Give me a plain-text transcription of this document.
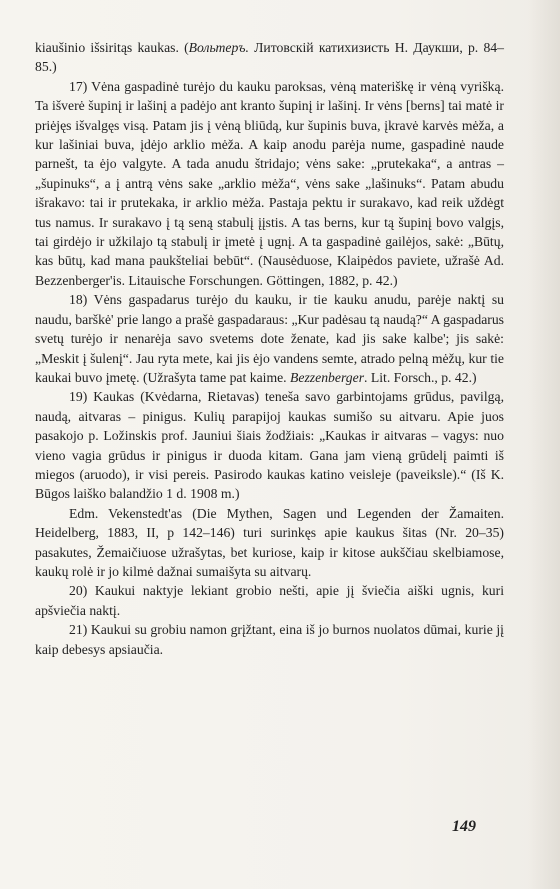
kiaušinio išsiritąs kaukas. (Вольтеръ. Литовскiй катихизисть Н. Даукши, p. 84–85.)

17) Vėna gaspadinė turėjo du kauku paroksas, vėną materiškę ir vėną vyrišką. Ta išverė šupinį ir lašinį a padėjo ant kranto šupinį ir lašinį. Ir vėns [berns] tai matė ir priėjęs išvalgęs visą. Patam jis į vėną bliūdą, kur šupinis buva, įkravė karvės mėža, a kur lašiniai buva, įdėjo arklio mėža. A kaip anodu parėja nume, gaspadinė naude parnešt, ta ėjo valgyte. A tada anudu štridajo; vėns sake: „prutekaka“, a antras –„šupinuks“, a į antrą vėns sake „arklio mėža“, vėns sake „lašinuks“. Patam abudu išrakavo: tai ir prutekaka, ir arklio mėža. Pastaja pektu ir surakavo, kad reik uždėgt tus namus. Ir surakavo į tą seną stabulį įįstis. A tas berns, kur tą šupinį bovo valgįs, tai girdėjo ir užkilajo tą stabulį ir įmetė į ugnį. A ta gaspadinė gailėjos, sakė: „Būtų, kas būtų, kad mana paukšteliai bebūt“. (Nausėduose, Klaipėdos paviete, užrašė Ad. Bezzenberger'is. Litauische Forschungen. Göttingen, 1882, p. 42.)

18) Vėns gaspadarus turėjo du kauku, ir tie kauku anudu, parėje naktį su naudu, barškė' prie lango a prašė gaspadaraus: „Kur padėsau tą naudą?“ A gaspadarus svetų turėjo ir nenarėja savo svetems dote ženate, kad jis sake kalbe'; jis sakė: „Meskit į šulenį“. Jau ryta mete, kai jis ėjo vandens semte, atrado pelną mėžų, kur tie kaukai buvo įmetę. (Užrašyta tame pat kaime. Bezzenberger. Lit. Forsch., p. 42.)

19) Kaukas (Kvėdarna, Rietavas) teneša savo garbintojams grūdus, pavilgą, naudą, aitvaras – pinigus. Kulių parapijoj kaukas sumišo su aitvaru. Apie juos pasakojo p. Ložinskis prof. Jauniui šiais žodžiais: „Kaukas ir aitvaras – vagys: nuo vieno vagia grūdus ir pinigus ir duoda kitam. Gana jam vieną grūdelį paimti iš miegos (aruodo), ir visi pereis. Pasirodo kaukas katino veisleje (paveiksle).“ (Iš K. Būgos laiško balandžio 1 d. 1908 m.)

Edm. Vekenstedt'as (Die Mythen, Sagen und Legenden der Žamaiten. Heidelberg, 1883, II, p 142–146) turi surinkęs apie kaukus šitas (Nr. 20–35) pasakutes, Žemaičiuose užrašytas, bet kuriose, kaip ir kitose aukščiau skelbiamose, kaukų rolė ir jo kilmė dažnai sumaišyta su aitvarų.

20) Kaukui naktyje lekiant grobio nešti, apie jį šviečia aiški ugnis, kuri apšviečia naktį.

21) Kaukui su grobiu namon grįžtant, eina iš jo burnos nuolatos dūmai, kurie jį kaip debesys apsiaučia.

149
